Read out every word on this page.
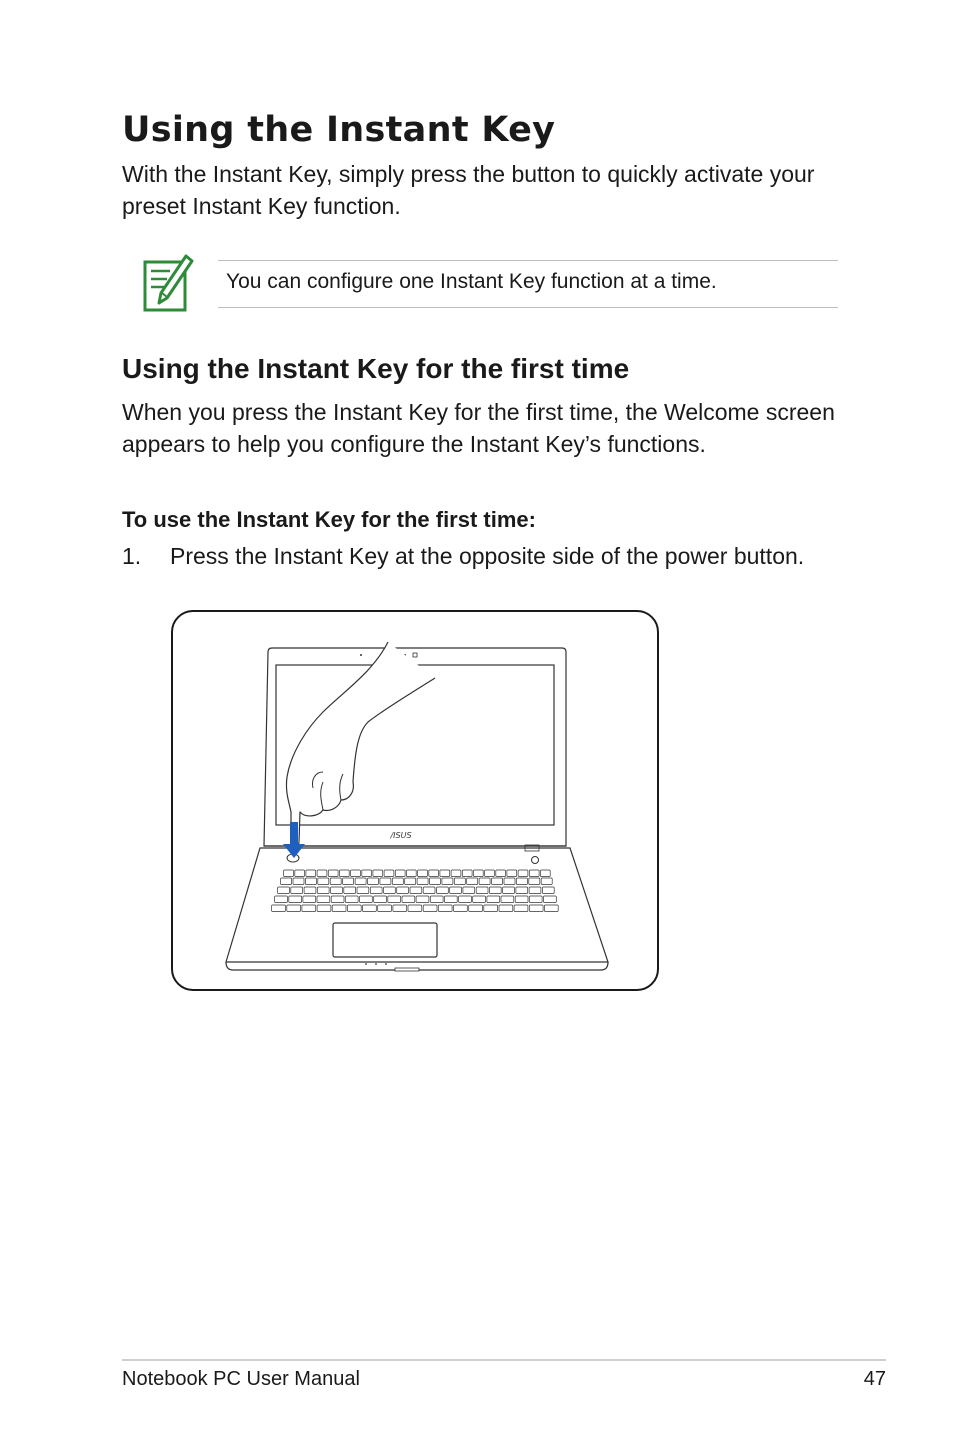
Using the Instant Key

With the Instant Key, simply press the button to quickly activate your preset Instant Key function.

You can configure one Instant Key function at a time.

Using the Instant Key for the first time

When you press the Instant Key for the first time, the Welcome screen appears to help you configure the Instant Key’s functions.

To use the Instant Key for the first time:

1. Press the Instant Key at the opposite side of the power button.

/ISUS

Notebook PC User Manual	47
